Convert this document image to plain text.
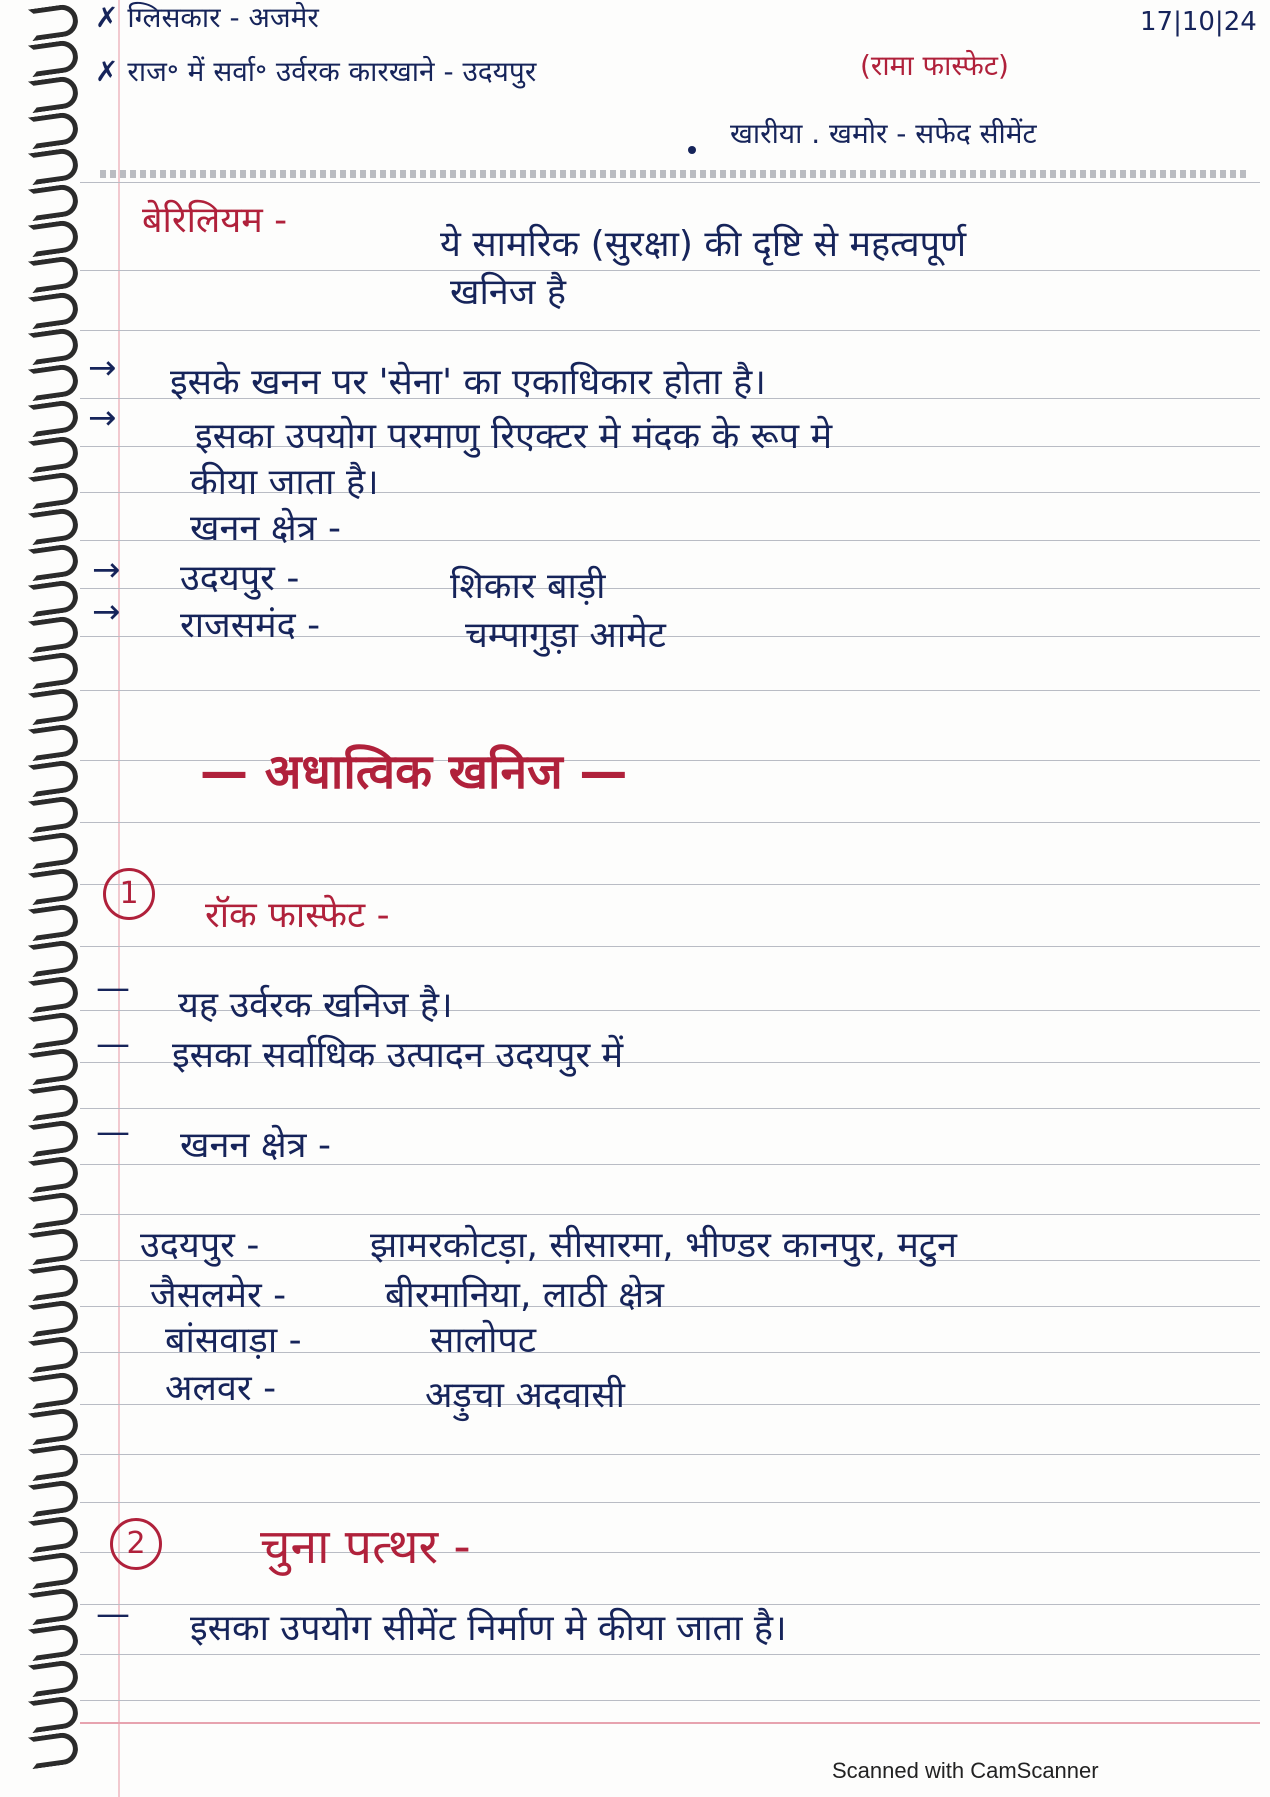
✗ ग्लिसकार - अजमेर	17|10|24
✗ राज॰ में सर्वा॰ उर्वरक कारखाने - उदयपुर	(रामा फास्फेट)
खारीया . खमोर - सफेद सीमेंट
बेरिलियम -
ये सामरिक (सुरक्षा) की दृष्टि से महत्वपूर्ण
खनिज है
→ इसके खनन पर 'सेना' का एकाधिकार होता है।
→ इसका उपयोग परमाणु रिएक्टर मे मंदक के रूप मे
कीया जाता है।
खनन क्षेत्र -
→ उदयपुर -	शिकार बाड़ी
→ राजसमंद -	चम्पागुड़ा आमेट
— अधात्विक खनिज —
1
रॉक फास्फेट -
— यह उर्वरक खनिज है।
— इसका सर्वाधिक उत्पादन उदयपुर में
— खनन क्षेत्र -
उदयपुर -	झामरकोटड़ा, सीसारमा, भीण्डर कानपुर, मटुन
जैसलमेर -	बीरमानिया, लाठी क्षेत्र
बांसवाड़ा -	सालोपट
अलवर -	अड़ुचा अदवासी
2	चुना पत्थर -
— इसका उपयोग सीमेंट निर्माण मे कीया जाता है।
Scanned with CamScanner
